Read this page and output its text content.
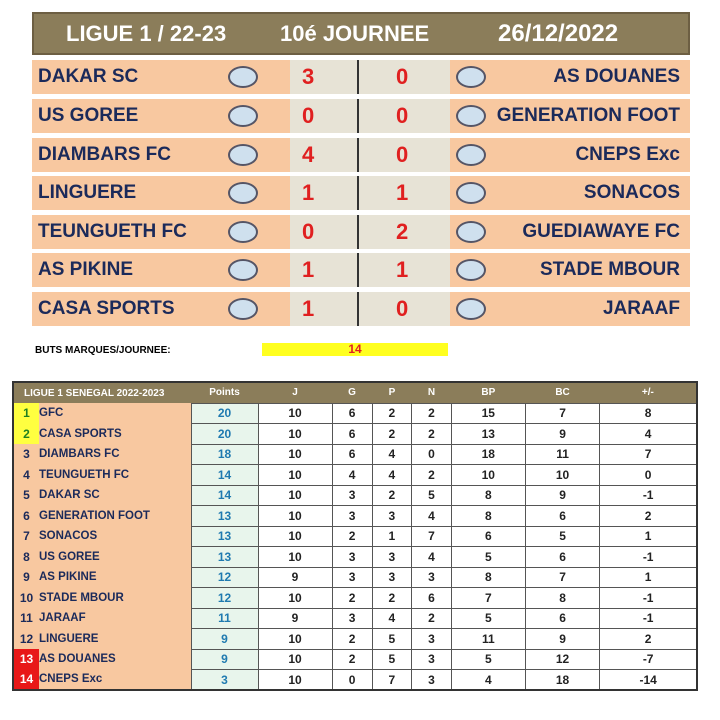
LIGUE 1 / 22-23 10é JOURNEE	26/12/2022
DAKAR SC	3	0	AS DOUANES
US GOREE	0	0	GENERATION FOOT
DIAMBARS FC	4	0	CNEPS Exc
LINGUERE	1	1	SONACOS
TEUNGUETH FC	0	2	GUEDIAWAYE FC
AS PIKINE	1	1	STADE MBOUR
CASA SPORTS	1	0	JARAAF
BUTS MARQUES/JOURNEE:	14
LIGUE 1 SENEGAL 2022-2023		Points	J	G	P	N	BP	BC	+/-
1	GFC	20	10	6	2	2	15	7	8
2	CASA SPORTS	20	10	6	2	2	13	9	4
3	DIAMBARS FC	18	10	6	4	0	18	11	7
4	TEUNGUETH FC	14	10	4	4	2	10	10	0
5	DAKAR SC	14	10	3	2	5	8	9	-1
6	GENERATION FOOT	13	10	3	3	4	8	6	2
7	SONACOS	13	10	2	1	7	6	5	1
8	US GOREE	13	10	3	3	4	5	6	-1
9	AS PIKINE	12	9	3	3	3	8	7	1
10	STADE MBOUR	12	10	2	2	6	7	8	-1
11	JARAAF	11	9	3	4	2	5	6	-1
12	LINGUERE	9	10	2	5	3	11	9	2
13	AS DOUANES	9	10	2	5	3	5	12	-7
14	CNEPS Exc	3	10	0	7	3	4	18	-14
